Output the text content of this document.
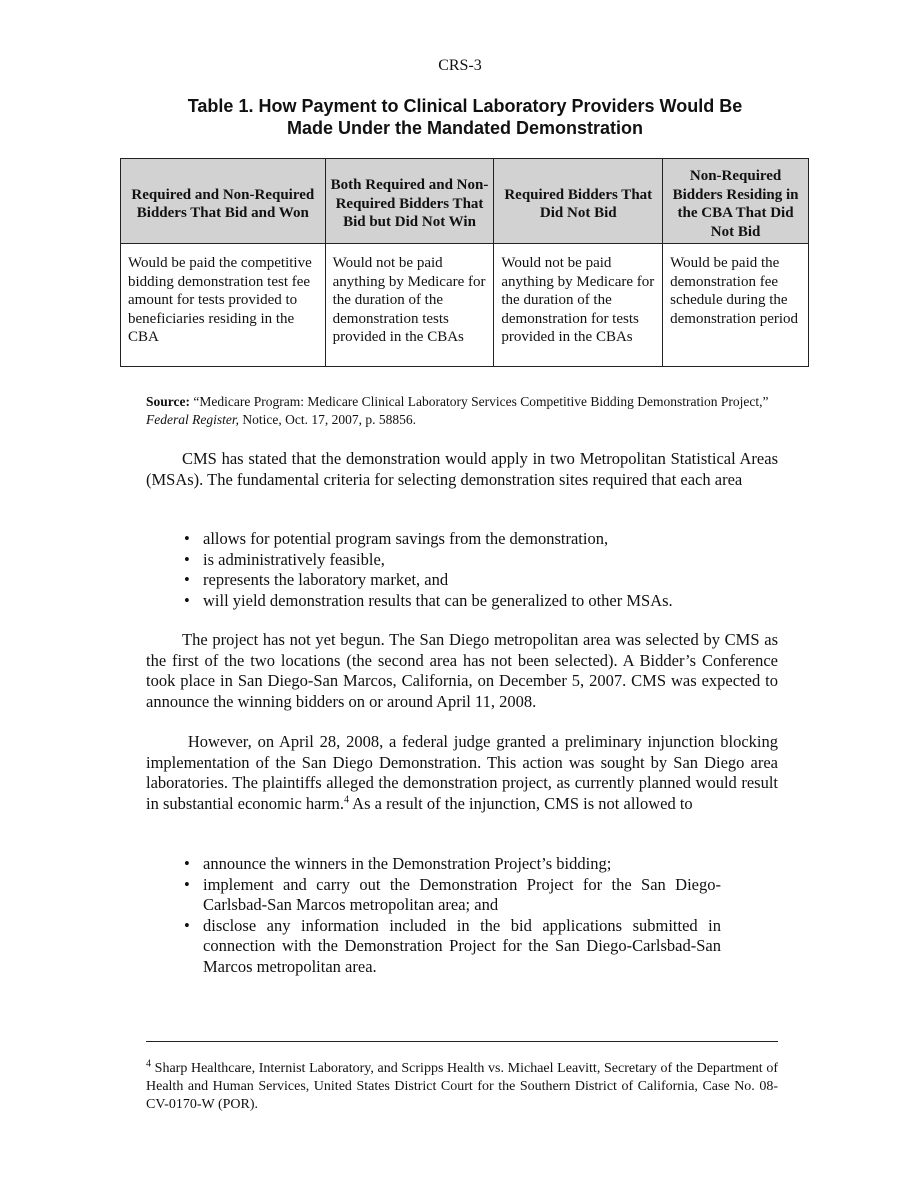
CRS-3
Table 1. How Payment to Clinical Laboratory Providers Would Be
Made Under the Mandated Demonstration
Required and Non-Required Bidders That Bid and Won	Both Required and Non-Required Bidders That Bid but Did Not Win	Required Bidders That Did Not Bid	Non-Required Bidders Residing in the CBA That Did Not Bid
Would be paid the competitive bidding demonstration test fee amount for tests provided to beneficiaries residing in the CBA	Would not be paid anything by Medicare for the duration of the demonstration tests provided in the CBAs	Would not be paid anything by Medicare for the duration of the demonstration for tests provided in the CBAs	Would be paid the demonstration fee schedule during the demonstration period
Source: “Medicare Program: Medicare Clinical Laboratory Services Competitive Bidding Demonstration Project,” Federal Register, Notice, Oct. 17, 2007, p. 58856.

CMS has stated that the demonstration would apply in two Metropolitan Statistical Areas (MSAs). The fundamental criteria for selecting demonstration sites required that each area

• allows for potential program savings from the demonstration,
• is administratively feasible,
• represents the laboratory market, and
• will yield demonstration results that can be generalized to other MSAs.

The project has not yet begun. The San Diego metropolitan area was selected by CMS as the first of the two locations (the second area has not been selected). A Bidder’s Conference took place in San Diego-San Marcos, California, on December 5, 2007. CMS was expected to announce the winning bidders on or around April 11, 2008.

However, on April 28, 2008, a federal judge granted a preliminary injunction blocking implementation of the San Diego Demonstration. This action was sought by San Diego area laboratories. The plaintiffs alleged the demonstration project, as currently planned would result in substantial economic harm.$^4$ As a result of the injunction, CMS is not allowed to

• announce the winners in the Demonstration Project’s bidding;
• implement and carry out the Demonstration Project for the San Diego-Carlsbad-San Marcos metropolitan area; and
• disclose any information included in the bid applications submitted in connection with the Demonstration Project for the San Diego-Carlsbad-San Marcos metropolitan area.
$^4$ Sharp Healthcare, Internist Laboratory, and Scripps Health vs. Michael Leavitt, Secretary of the Department of Health and Human Services, United States District Court for the Southern District of California, Case No. 08-CV-0170-W (POR).
